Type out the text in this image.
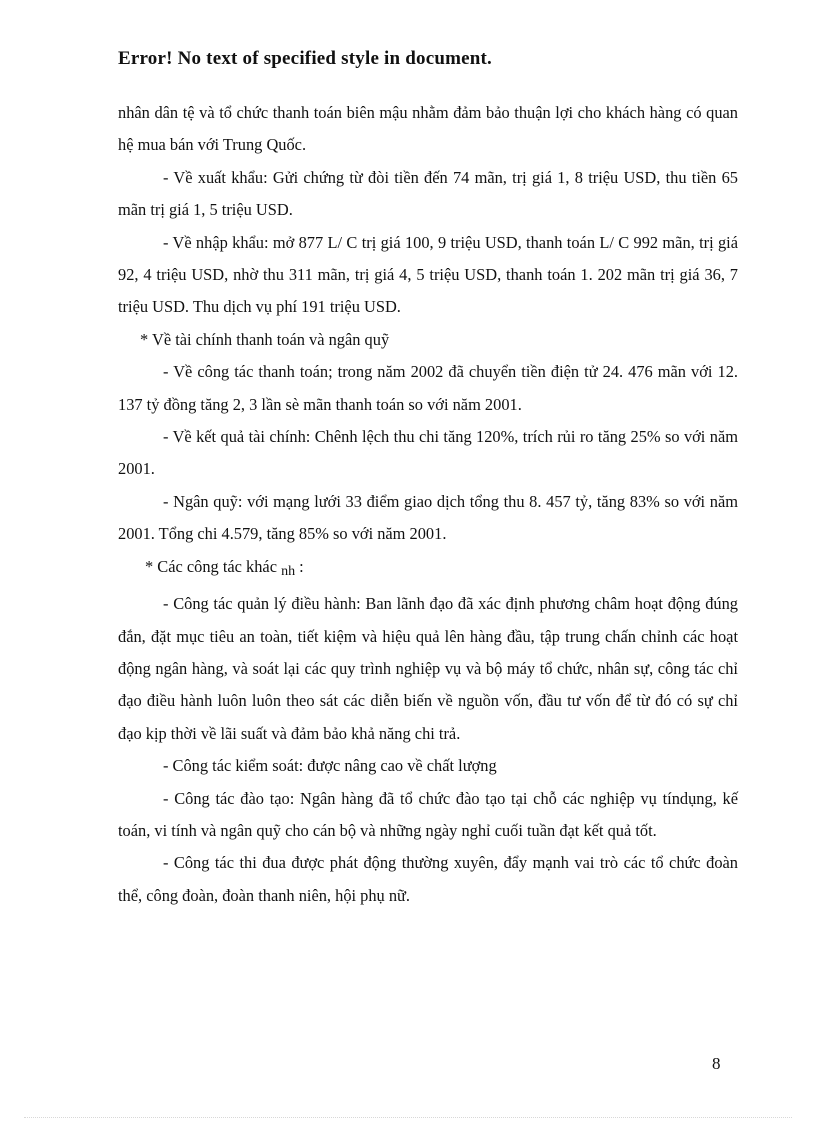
Error! No text of specified style in document.

nhân dân tệ và tổ chức thanh toán biên mậu nhằm đảm bảo thuận lợi cho khách hàng có quan hệ mua bán với Trung Quốc.

- Về xuất khẩu: Gửi chứng từ đòi tiền đến 74 mãn, trị giá 1, 8 triệu USD, thu tiền 65 mãn trị giá 1, 5 triệu USD.

- Về nhập khẩu: mở 877 L/ C trị giá 100, 9 triệu USD, thanh toán L/ C 992 mãn, trị giá 92, 4 triệu USD, nhờ thu 311 mãn, trị giá 4, 5 triệu USD, thanh toán 1. 202 mãn trị giá 36, 7 triệu USD. Thu dịch vụ phí 191 triệu USD.

* Về tài chính thanh toán và ngân quỹ

- Về công tác thanh toán; trong năm 2002 đã chuyển tiền điện tử 24. 476 mãn với 12. 137 tỷ đồng tăng 2, 3 lần sè mãn thanh toán so với năm 2001.

- Về kết quả tài chính: Chênh lệch thu chi tăng 120%, trích rủi ro tăng 25% so với năm 2001.

- Ngân quỹ: với mạng lưới 33 điểm giao dịch tổng thu 8. 457 tỷ, tăng 83% so với năm 2001. Tổng chi 4.579, tăng 85% so với năm 2001.

* Các công tác khác nh :

- Công tác quản lý điều hành: Ban lãnh đạo đã xác định phương châm hoạt động đúng đắn, đặt mục tiêu an toàn, tiết kiệm và hiệu quả lên hàng đầu, tập trung chấn chỉnh các hoạt động ngân hàng, và soát lại các quy trình nghiệp vụ và bộ máy tổ chức, nhân sự, công tác chỉ đạo điều hành luôn luôn theo sát các diễn biến về nguồn vốn, đầu tư vốn để từ đó có sự chỉ đạo kịp thời về lãi suất và đảm bảo khả năng chi trả.

- Công tác kiểm soát: được nâng cao về chất lượng

- Công tác đào tạo: Ngân hàng đã tổ chức đào tạo tại chỗ các nghiệp vụ tíndụng, kế toán, vi tính và ngân quỹ cho cán bộ và những ngày nghỉ cuối tuần đạt kết quả tốt.

- Công tác thi đua được phát động thường xuyên, đẩy mạnh vai trò các tổ chức đoàn thể, công đoàn, đoàn thanh niên, hội phụ nữ.

8
